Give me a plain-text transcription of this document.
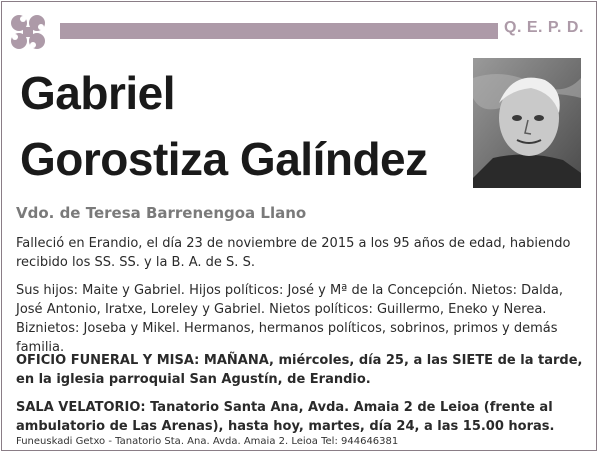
Q. E. P. D.
Gabriel
Gorostiza Galíndez
Vdo. de Teresa Barrenengoa Llano
Falleció en Erandio, el día 23 de noviembre de 2015 a los 95 años de edad, habiendo recibido los SS. SS. y la B. A. de S. S.
Sus hijos: Maite y Gabriel. Hijos políticos: José y Mª de la Concepción. Nietos: Dalda, José Antonio, Iratxe, Loreley y Gabriel. Nietos políticos: Guillermo, Eneko y Nerea. Biznietos: Joseba y Mikel. Hermanos, hermanos políticos, sobrinos, primos y demás familia.
OFICIO FUNERAL Y MISA: MAÑANA, miércoles, día 25, a las SIETE de la tarde, en la iglesia parroquial San Agustín, de Erandio.
SALA VELATORIO: Tanatorio Santa Ana, Avda. Amaia 2 de Leioa (frente al ambulatorio de Las Arenas), hasta hoy, martes, día 24, a las 15.00 horas.
Funeuskadi Getxo - Tanatorio Sta. Ana. Avda. Amaia 2. Leioa Tel: 944646381
